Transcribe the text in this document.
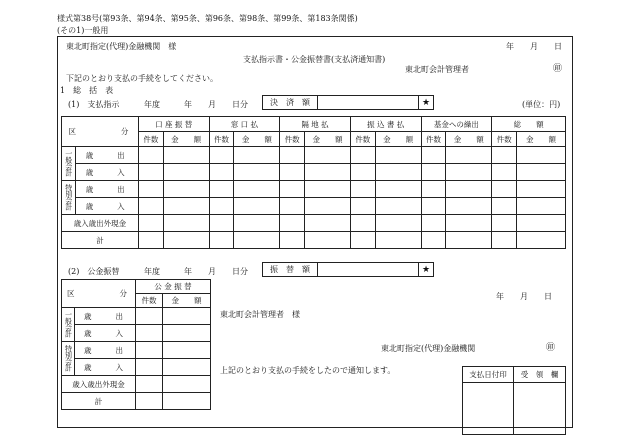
様式第38号(第93条、第94条、第95条、第96条、第98条、第99条、第183条関係)
(その1)一般用
東北町指定(代理)金融機関　様	年　　月　　日
支払指示書・公金振替書(支払済通知書)
東北町会計管理者	㊞
下記のとおり支払の手続をしてください。
1　総　括　表
(1)　支払指示	年度　　　年　　月　　日分	決　済　額	★	(単位：円)
区　　　　分		口 座 振 替		窓 口 払		隔 地 払		振 込 書 払		基金への繰出		総　　額	
		件数	金　　額	件数	金　　額	件数	金　　額	件数	金　　額	件数	金　　額	件数	金　　額
一般会計	歳　　出												
	歳　　入												
特別会計	歳　　出												
	歳　　入												
歳入歳出外現金													
計													
(2)　公金振替	年度　　　年　　月　　日分	振　替　額	★
区　　　　分		公 金 振 替	
		件数	金　　額
一般会計	歳　　出		
	歳　　入		
特別会計	歳　　出		
	歳　　入		
歳入歳出外現金			
計			
年　　月　　日
東北町会計管理者　様
東北町指定(代理)金融機関	㊞
上記のとおり支払の手続をしたので通知します。	支払日付印	受　領　欄
